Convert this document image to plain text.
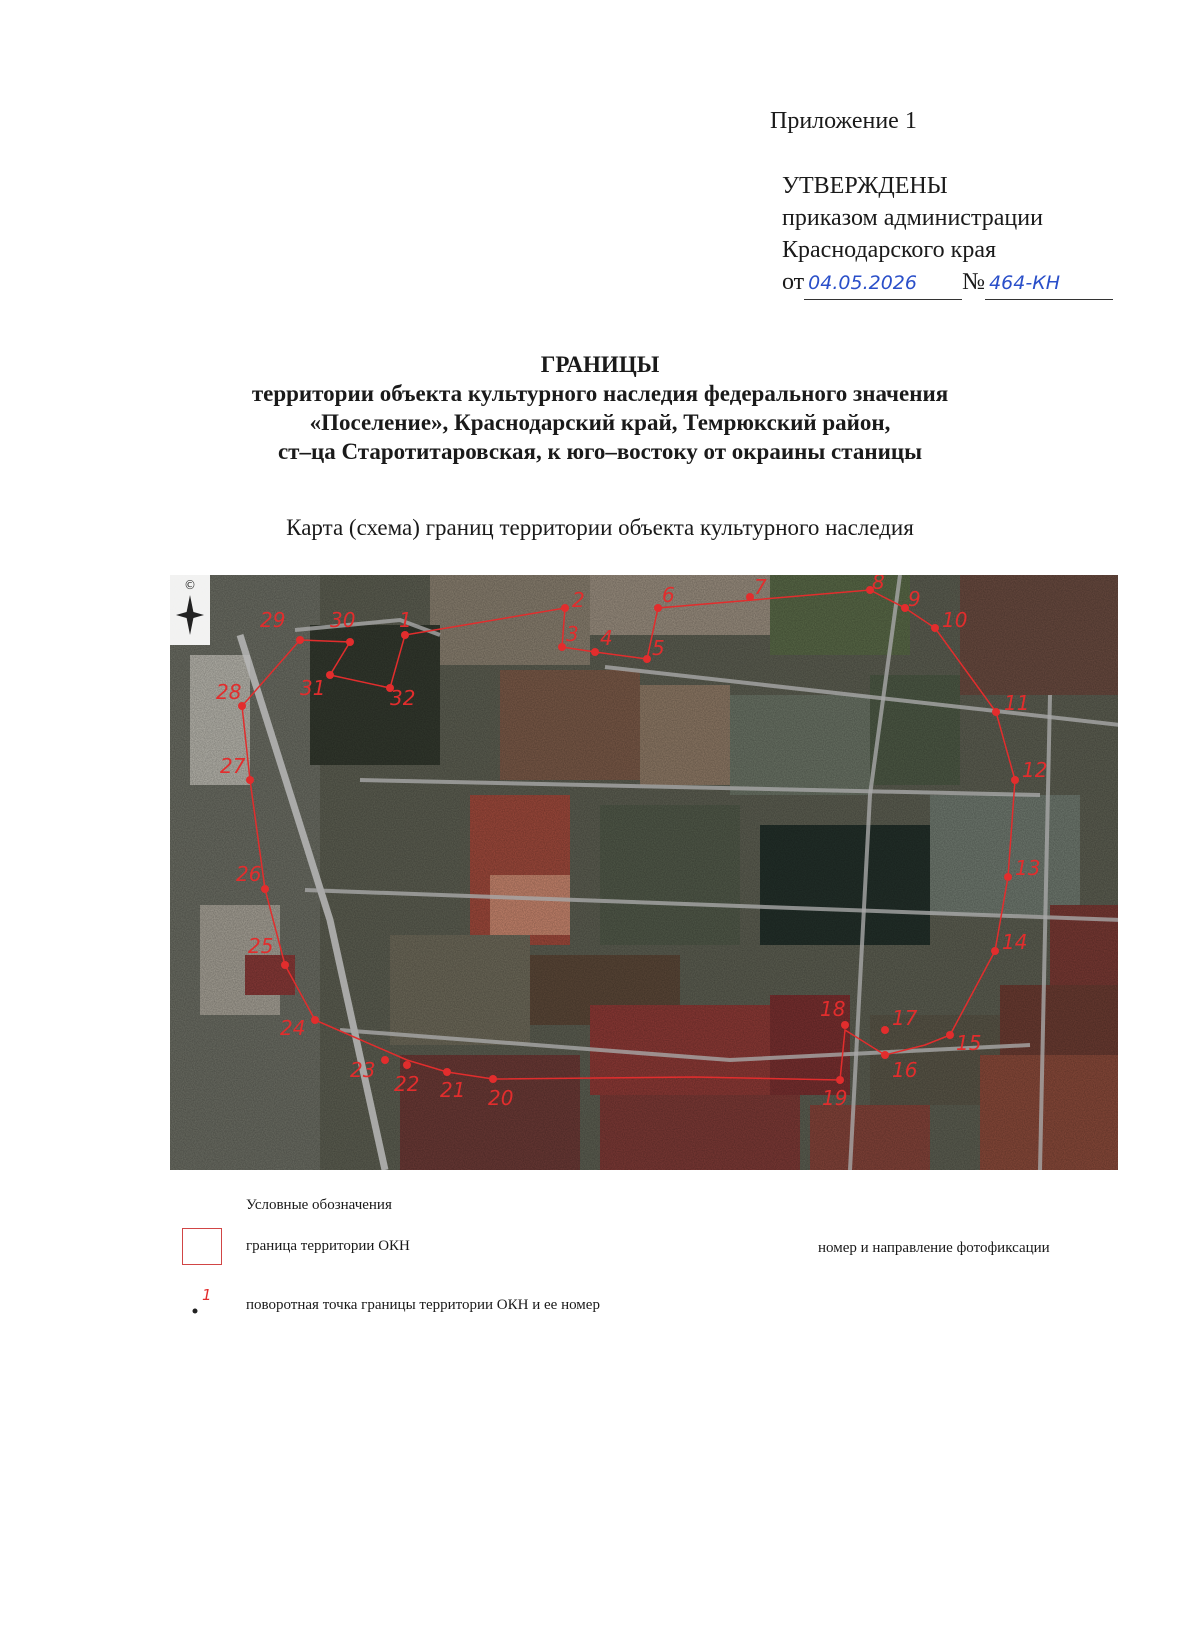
Приложение 1
УТВЕРЖДЕНЫ
приказом администрации
Краснодарского края
от 04.05.2026 № 464-КН
ГРАНИЦЫ
территории объекта культурного наследия федерального значения
«Поселение», Краснодарский край, Темрюкский район,
ст–ца Старотитаровская, к юго–востоку от окраины станицы
Карта (схема) границ территории объекта культурного наследия
©
1
2
3 4 5
6	7	8
9
10
11
12
13
14
15
16
17
18
19
20
21
22
23
24
25
26
27
28
29 30
31	32
Условные обозначения
граница территории ОКН	номер и направление фотофиксации
1
поворотная точка границы территории ОКН и ее номер
